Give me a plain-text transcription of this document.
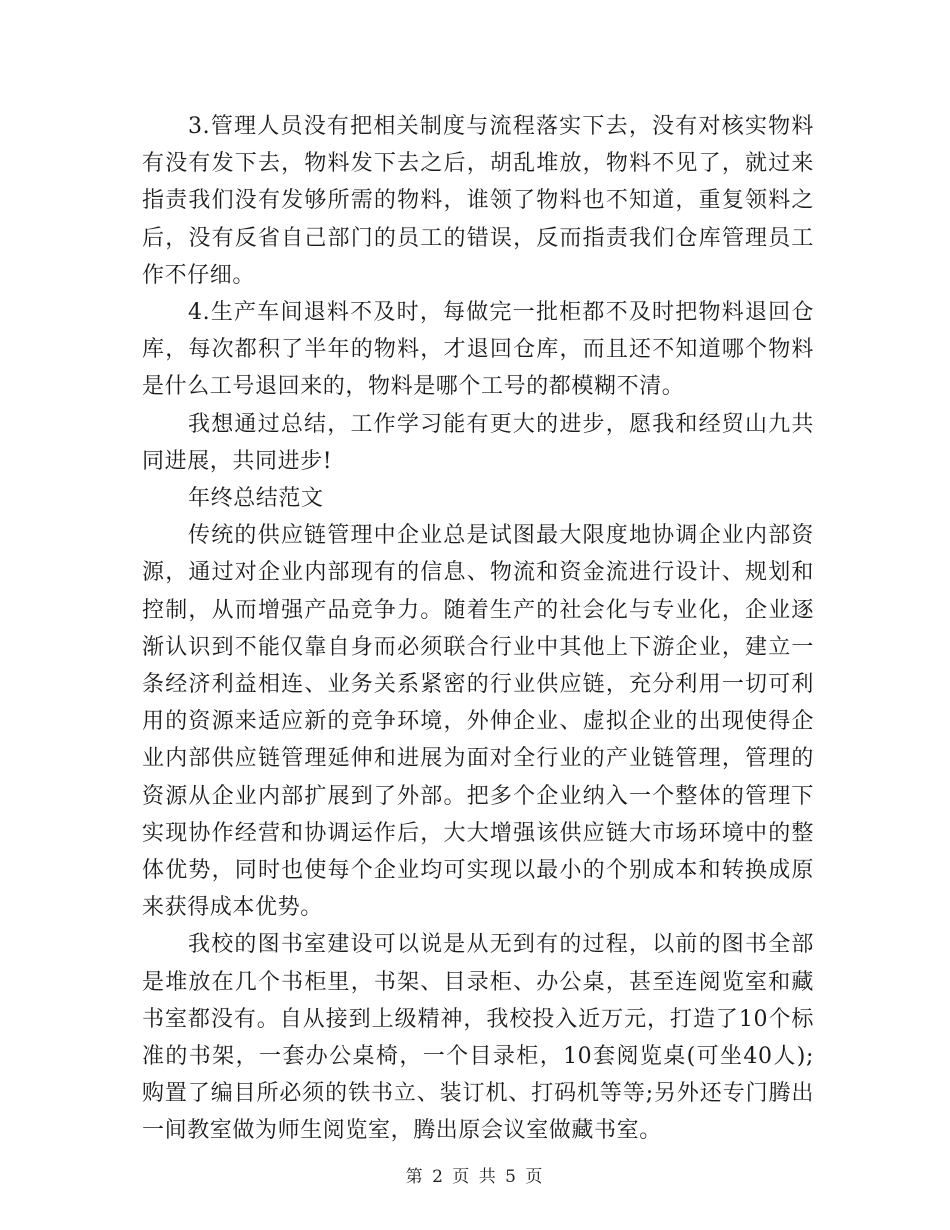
3.管理人员没有把相关制度与流程落实下去，没有对核实物料有没有发下去，物料发下去之后，胡乱堆放，物料不见了，就过来指责我们没有发够所需的物料，谁领了物料也不知道，重复领料之后，没有反省自己部门的员工的错误，反而指责我们仓库管理员工作不仔细。

4.生产车间退料不及时，每做完一批柜都不及时把物料退回仓库，每次都积了半年的物料，才退回仓库，而且还不知道哪个物料是什么工号退回来的，物料是哪个工号的都模糊不清。

我想通过总结，工作学习能有更大的进步，愿我和经贸山九共同进展，共同进步!

年终总结范文

传统的供应链管理中企业总是试图最大限度地协调企业内部资源，通过对企业内部现有的信息、物流和资金流进行设计、规划和控制，从而增强产品竞争力。随着生产的社会化与专业化，企业逐渐认识到不能仅靠自身而必须联合行业中其他上下游企业，建立一条经济利益相连、业务关系紧密的行业供应链，充分利用一切可利用的资源来适应新的竞争环境，外伸企业、虚拟企业的出现使得企业内部供应链管理延伸和进展为面对全行业的产业链管理，管理的资源从企业内部扩展到了外部。把多个企业纳入一个整体的管理下实现协作经营和协调运作后，大大增强该供应链大市场环境中的整体优势，同时也使每个企业均可实现以最小的个别成本和转换成原来获得成本优势。

我校的图书室建设可以说是从无到有的过程，以前的图书全部是堆放在几个书柜里，书架、目录柜、办公桌，甚至连阅览室和藏书室都没有。自从接到上级精神，我校投入近万元，打造了10个标准的书架，一套办公桌椅，一个目录柜，10套阅览桌(可坐40人);购置了编目所必须的铁书立、装订机、打码机等等;另外还专门腾出一间教室做为师生阅览室，腾出原会议室做藏书室。

第 2 页 共 5 页
